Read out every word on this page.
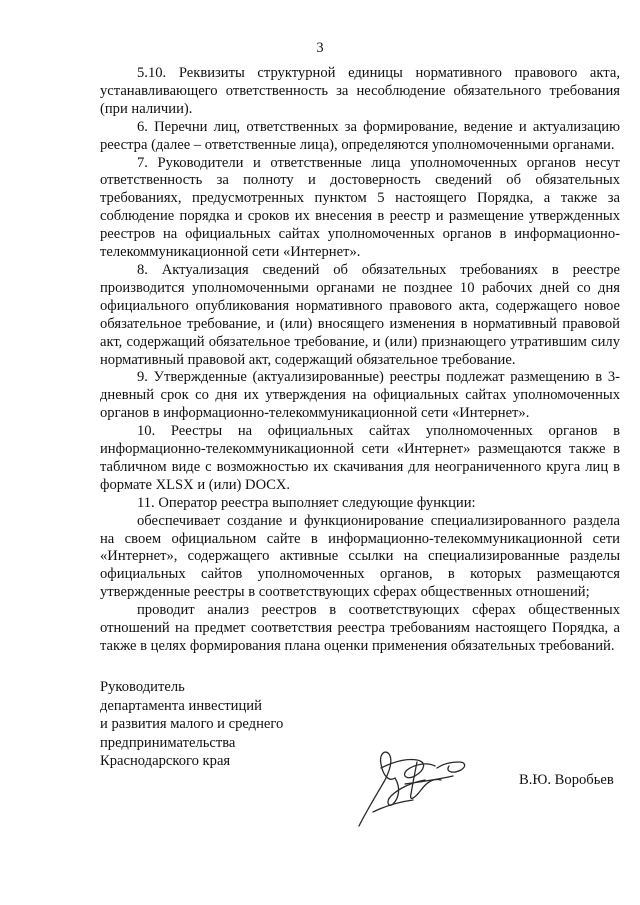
3

5.10. Реквизиты структурной единицы нормативного правового акта, устанавливающего ответственность за несоблюдение обязательного требования (при наличии).

6. Перечни лиц, ответственных за формирование, ведение и актуализацию реестра (далее – ответственные лица), определяются уполномоченными органами.

7. Руководители и ответственные лица уполномоченных органов несут ответственность за полноту и достоверность сведений об обязательных требованиях, предусмотренных пунктом 5 настоящего Порядка, а также за соблюдение порядка и сроков их внесения в реестр и размещение утвержденных реестров на официальных сайтах уполномоченных органов в информационно-телекоммуникационной сети «Интернет».

8. Актуализация сведений об обязательных требованиях в реестре производится уполномоченными органами не позднее 10 рабочих дней со дня официального опубликования нормативного правового акта, содержащего новое обязательное требование, и (или) вносящего изменения в нормативный правовой акт, содержащий обязательное требование, и (или) признающего утратившим силу нормативный правовой акт, содержащий обязательное требование.

9. Утвержденные (актуализированные) реестры подлежат размещению в 3-дневный срок со дня их утверждения на официальных сайтах уполномоченных органов в информационно-телекоммуникационной сети «Интернет».

10. Реестры на официальных сайтах уполномоченных органов в информационно-телекоммуникационной сети «Интернет» размещаются также в табличном виде с возможностью их скачивания для неограниченного круга лиц в формате XLSX и (или) DOCX.

11. Оператор реестра выполняет следующие функции:

обеспечивает создание и функционирование специализированного раздела на своем официальном сайте в информационно-телекоммуникационной сети «Интернет», содержащего активные ссылки на специализированные разделы официальных сайтов уполномоченных органов, в которых размещаются утвержденные реестры в соответствующих сферах общественных отношений;

проводит анализ реестров в соответствующих сферах общественных отношений на предмет соответствия реестра требованиям настоящего Порядка, а также в целях формирования плана оценки применения обязательных требований.

Руководитель
департамента инвестиций
и развития малого и среднего
предпринимательства
Краснодарского края
В.Ю. Воробьев
